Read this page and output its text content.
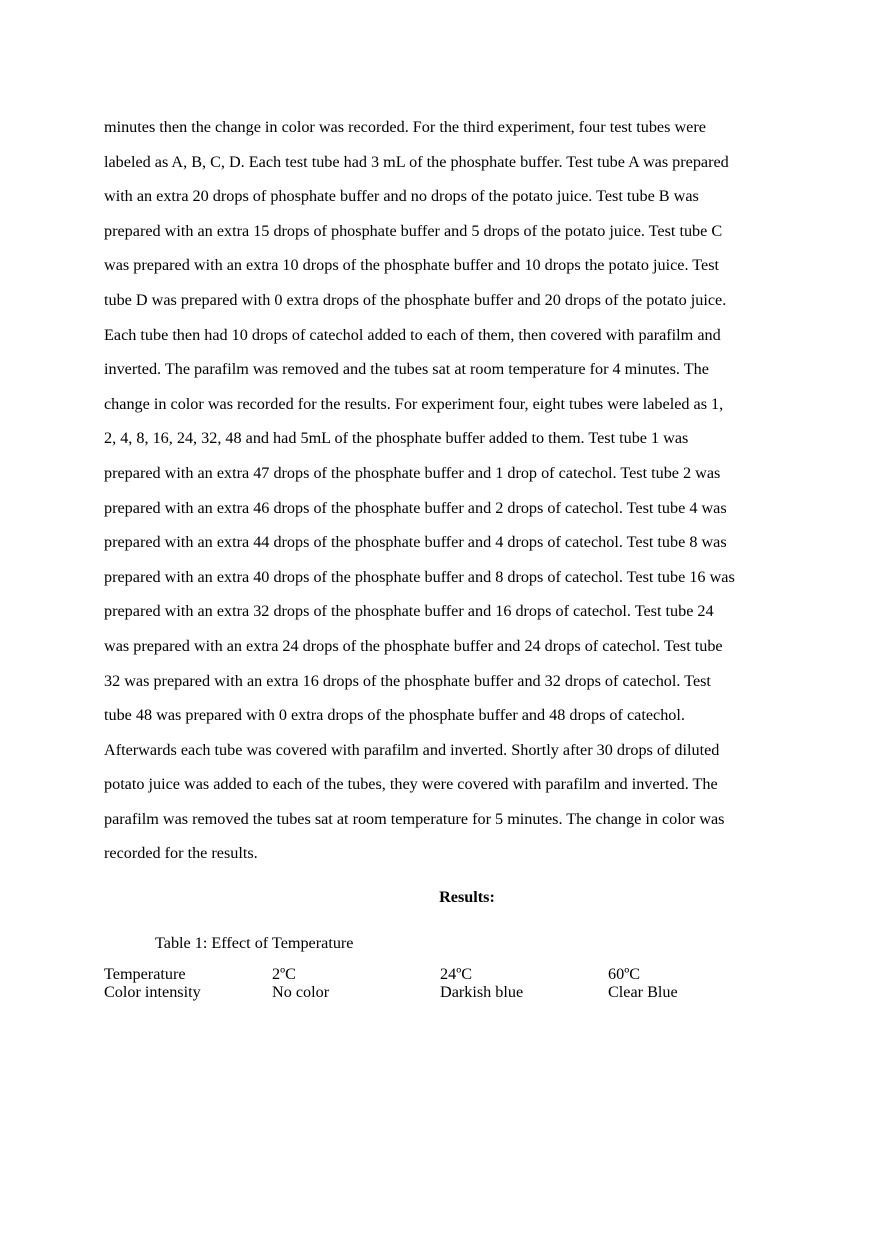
minutes then the change in color was recorded. For the third experiment, four test tubes were
labeled as A, B, C, D. Each test tube had 3 mL of the phosphate buffer. Test tube A was prepared
with an extra 20 drops of phosphate buffer and no drops of the potato juice. Test tube B was
prepared with an extra 15 drops of phosphate buffer and 5 drops of the potato juice. Test tube C
was prepared with an extra 10 drops of the phosphate buffer and 10 drops the potato juice. Test
tube D was prepared with 0 extra drops of the phosphate buffer and 20 drops of the potato juice.
Each tube then had 10 drops of catechol added to each of them, then covered with parafilm and
inverted. The parafilm was removed and the tubes sat at room temperature for 4 minutes. The
change in color was recorded for the results. For experiment four, eight tubes were labeled as 1,
2, 4, 8, 16, 24, 32, 48 and had 5mL of the phosphate buffer added to them. Test tube 1 was
prepared with an extra 47 drops of the phosphate buffer and 1 drop of catechol. Test tube 2 was
prepared with an extra 46 drops of the phosphate buffer and 2 drops of catechol. Test tube 4 was
prepared with an extra 44 drops of the phosphate buffer and 4 drops of catechol. Test tube 8 was
prepared with an extra 40 drops of the phosphate buffer and 8 drops of catechol. Test tube 16 was
prepared with an extra 32 drops of the phosphate buffer and 16 drops of catechol. Test tube 24
was prepared with an extra 24 drops of the phosphate buffer and 24 drops of catechol. Test tube
32 was prepared with an extra 16 drops of the phosphate buffer and 32 drops of catechol. Test
tube 48 was prepared with 0 extra drops of the phosphate buffer and 48 drops of catechol.
Afterwards each tube was covered with parafilm and inverted. Shortly after 30 drops of diluted
potato juice was added to each of the tubes, they were covered with parafilm and inverted. The
parafilm was removed the tubes sat at room temperature for 5 minutes. The change in color was
recorded for the results.
Results:

Table 1: Effect of Temperature

Temperature	2ºC	24ºC	60ºC
Color intensity	No color	Darkish blue	Clear Blue
